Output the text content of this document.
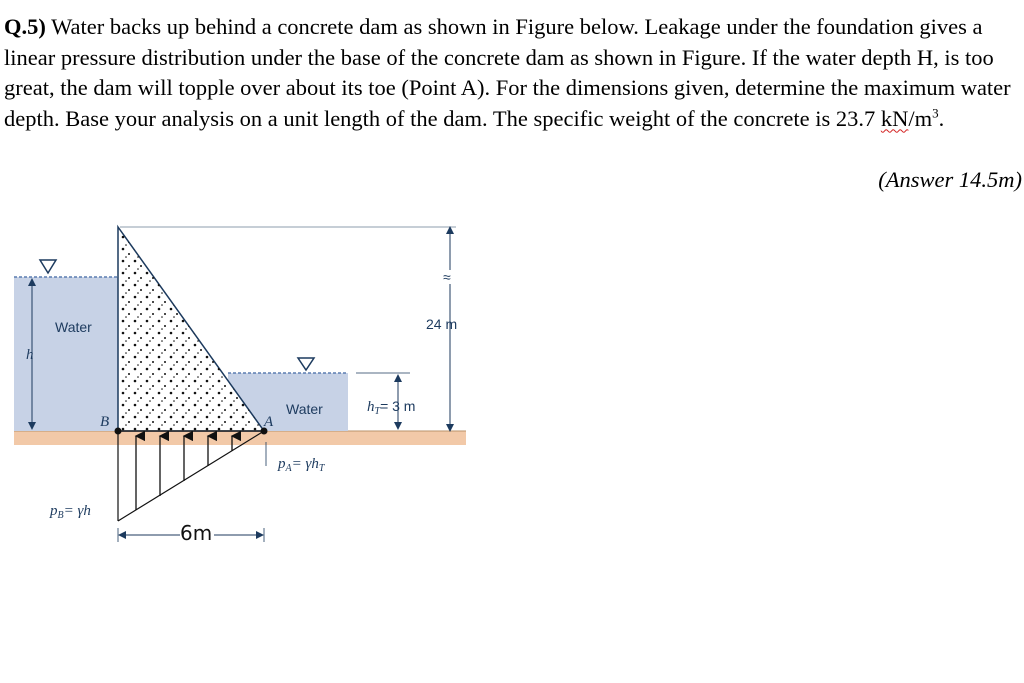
Q.5) Water backs up behind a concrete dam as shown in Figure below. Leakage under the foundation gives a linear pressure distribution under the base of the concrete dam as shown in Figure. If the water depth H, is too great, the dam will topple over about its toe (Point A). For the dimensions given, determine the maximum water depth. Base your analysis on a unit length of the dam. The specific weight of the concrete is 23.7 $kN/m^3$.

(Answer 14.5m)

Water
Water
h
≈
24 m
$h_T= 3$ m
B	A
$p_A= \gamma h_T$
$p_B= \gamma h$
6m
